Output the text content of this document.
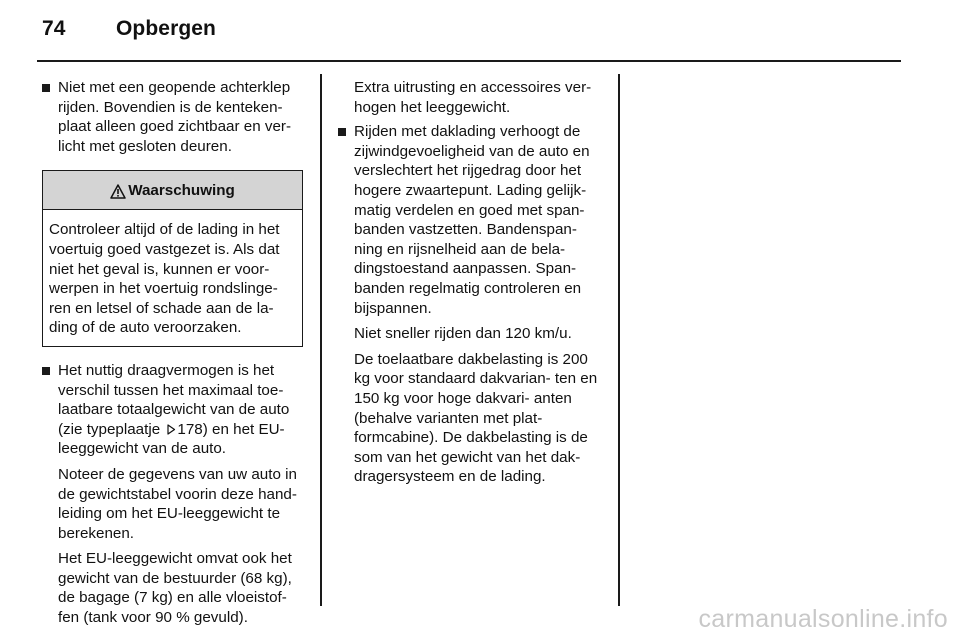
74	Opbergen
Niet met een geopende achterklep rijden. Bovendien is de kenteken- plaat alleen goed zichtbaar en ver- licht met gesloten deuren.
Waarschuwing
Controleer altijd of de lading in het voertuig goed vastgezet is. Als dat niet het geval is, kunnen er voor- werpen in het voertuig rondslinge- ren en letsel of schade aan de la- ding of de auto veroorzaken.
Het nuttig draagvermogen is het verschil tussen het maximaal toe- laatbare totaalgewicht van de auto (zie typeplaatje 178) en het EU- leeggewicht van de auto.
Noteer de gegevens van uw auto in de gewichtstabel voorin deze hand- leiding om het EU-leeggewicht te berekenen.
Het EU-leeggewicht omvat ook het gewicht van de bestuurder (68 kg), de bagage (7 kg) en alle vloeistof- fen (tank voor 90 % gevuld).
Extra uitrusting en accessoires ver- hogen het leeggewicht.
Rijden met daklading verhoogt de zijwindgevoeligheid van de auto en verslechtert het rijgedrag door het hogere zwaartepunt. Lading gelijk- matig verdelen en goed met span- banden vastzetten. Bandenspan- ning en rijsnelheid aan de bela- dingstoestand aanpassen. Span- banden regelmatig controleren en bijspannen.
Niet sneller rijden dan 120 km/u.
De toelaatbare dakbelasting is 200 kg voor standaard dakvarian- ten en 150 kg voor hoge dakvari- anten (behalve varianten met plat- formcabine). De dakbelasting is de som van het gewicht van het dak- dragersysteem en de lading.
carmanualsonline.info
